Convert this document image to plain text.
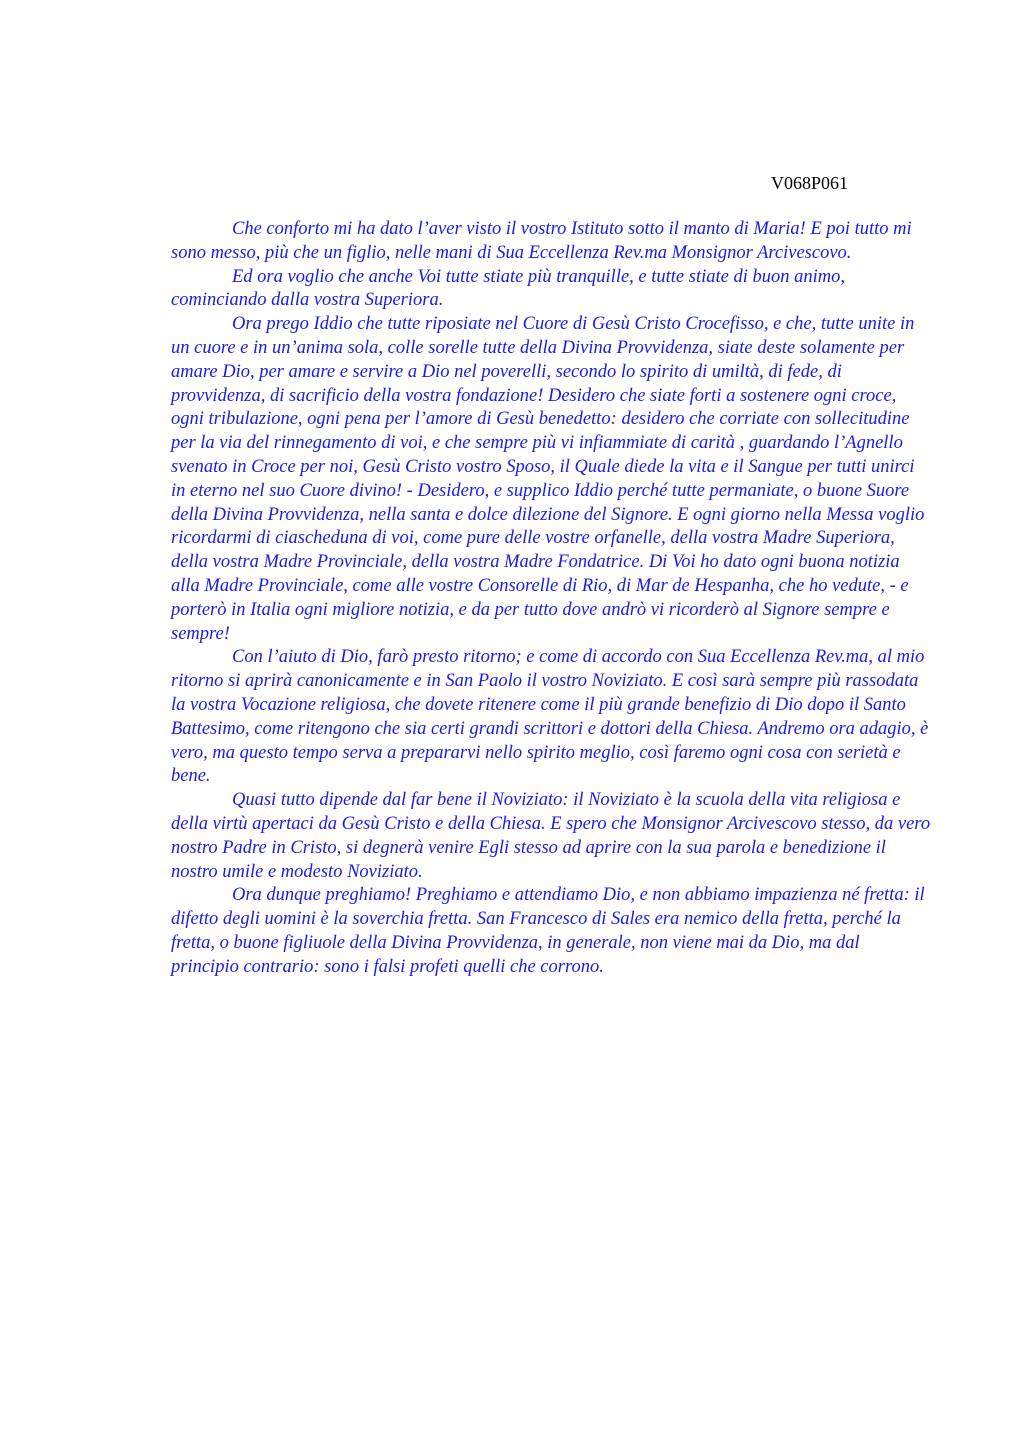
V068P061

Che conforto mi ha dato l’aver visto il vostro Istituto sotto il manto di Maria! E poi tutto mi sono messo, più che un figlio, nelle mani di Sua Eccellenza Rev.ma Monsignor Arcivescovo.

Ed ora voglio che anche Voi tutte stiate più tranquille, e tutte stiate di buon animo, cominciando dalla vostra Superiora.

Ora prego Iddio che tutte riposiate nel Cuore di Gesù Cristo Crocefisso, e che, tutte unite in un cuore e in un’anima sola, colle sorelle tutte della Divina Provvidenza, siate deste solamente per amare Dio, per amare e servire a Dio nel poverelli, secondo lo spirito di umiltà, di fede, di provvidenza, di sacrificio della vostra fondazione! Desidero che siate forti a sostenere ogni croce, ogni tribulazione, ogni pena per l’amore di Gesù benedetto: desidero che corriate con sollecitudine per la via del rinnegamento di voi, e che sempre più vi infiammiate di carità , guardando l’Agnello svenato in Croce per noi, Gesù Cristo vostro Sposo, il Quale diede la vita e il Sangue per tutti unirci in eterno nel suo Cuore divino! - Desidero, e supplico Iddio perché tutte permaniate, o buone Suore della Divina Provvidenza, nella santa e dolce dilezione del Signore. E ogni giorno nella Messa voglio ricordarmi di ciascheduna di voi, come pure delle vostre orfanelle, della vostra Madre Superiora, della vostra Madre Provinciale, della vostra Madre Fondatrice. Di Voi ho dato ogni buona notizia alla Madre Provinciale, come alle vostre Consorelle di Rio, di Mar de Hespanha, che ho vedute, - e porterò in Italia ogni migliore notizia, e da per tutto dove andrò vi ricorderò al Signore sempre e sempre!

Con l’aiuto di Dio, farò presto ritorno; e come di accordo con Sua Eccellenza Rev.ma, al mio ritorno si aprirà canonicamente e in San Paolo il vostro Noviziato. E così sarà sempre più rassodata la vostra Vocazione religiosa, che dovete ritenere come il più grande benefizio di Dio dopo il Santo Battesimo, come ritengono che sia certi grandi scrittori e dottori della Chiesa. Andremo ora adagio, è vero, ma questo tempo serva a prepararvi nello spirito meglio, così faremo ogni cosa con serietà e bene.

Quasi tutto dipende dal far bene il Noviziato: il Noviziato è la scuola della vita religiosa e della virtù apertaci da Gesù Cristo e della Chiesa. E spero che Monsignor Arcivescovo stesso, da vero nostro Padre in Cristo, si degnerà venire Egli stesso ad aprire con la sua parola e benedizione il nostro umile e modesto Noviziato.

Ora dunque preghiamo! Preghiamo e attendiamo Dio, e non abbiamo impazienza né fretta: il difetto degli uomini è la soverchia fretta. San Francesco di Sales era nemico della fretta, perché la fretta, o buone figliuole della Divina Provvidenza, in generale, non viene mai da Dio, ma dal principio contrario: sono i falsi profeti quelli che corrono.
